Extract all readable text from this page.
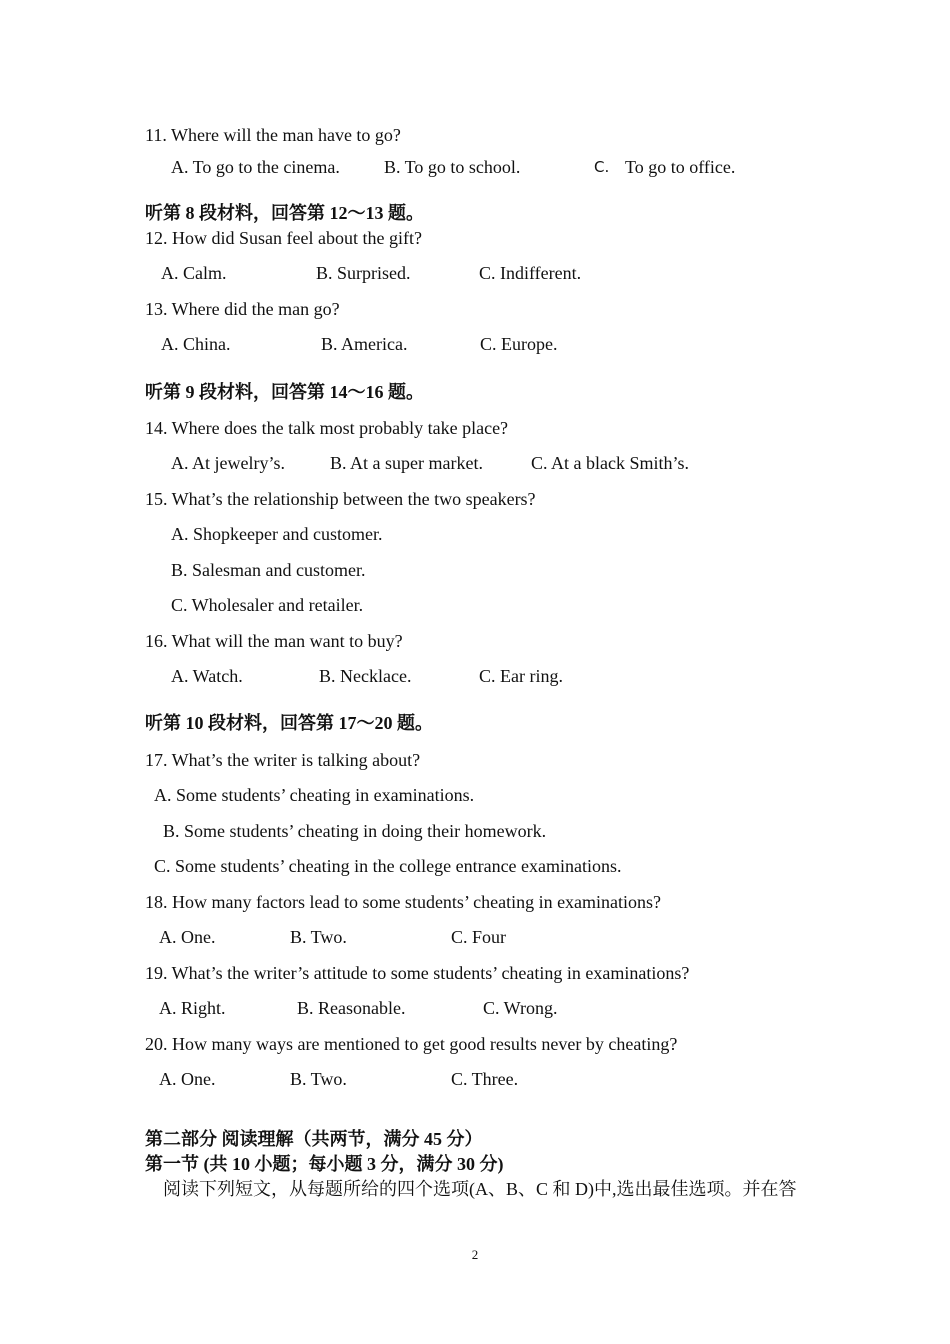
11. Where will the man have to go?
A. To go to the cinema. B. To go to school.	C. To go to office.
听第 8 段材料，回答第 12～13 题。
12. How did Susan feel about the gift?
A. Calm.	B. Surprised.	C. Indifferent.
13. Where did the man go?
A. China.	B. America.	C. Europe.
听第 9 段材料，回答第 14～16 题。
14. Where does the talk most probably take place?
A. At jewelry’s.	B. At a super market.	C. At a black Smith’s.
15. What’s the relationship between the two speakers?
A. Shopkeeper and customer.
B. Salesman and customer.
C. Wholesaler and retailer.
16. What will the man want to buy?
A. Watch.	B. Necklace.	C. Ear ring.
听第 10 段材料，回答第 17～20 题。
17. What’s the writer is talking about?
A. Some students’ cheating in examinations.
B. Some students’ cheating in doing their homework.
C. Some students’ cheating in the college entrance examinations.
18. How many factors lead to some students’ cheating in examinations?
A. One.	B. Two.	C. Four
19. What’s the writer’s attitude to some students’ cheating in examinations?
A. Right.	B. Reasonable.	C. Wrong.
20. How many ways are mentioned to get good results never by cheating?
A. One.	B. Two.	C. Three.
第二部分 阅读理解（共两节，满分 45 分）
第一节 (共 10 小题；每小题 3 分，满分 30 分)
阅读下列短文，从每题所给的四个选项(A、B、C 和 D)中,选出最佳选项。并在答
2
